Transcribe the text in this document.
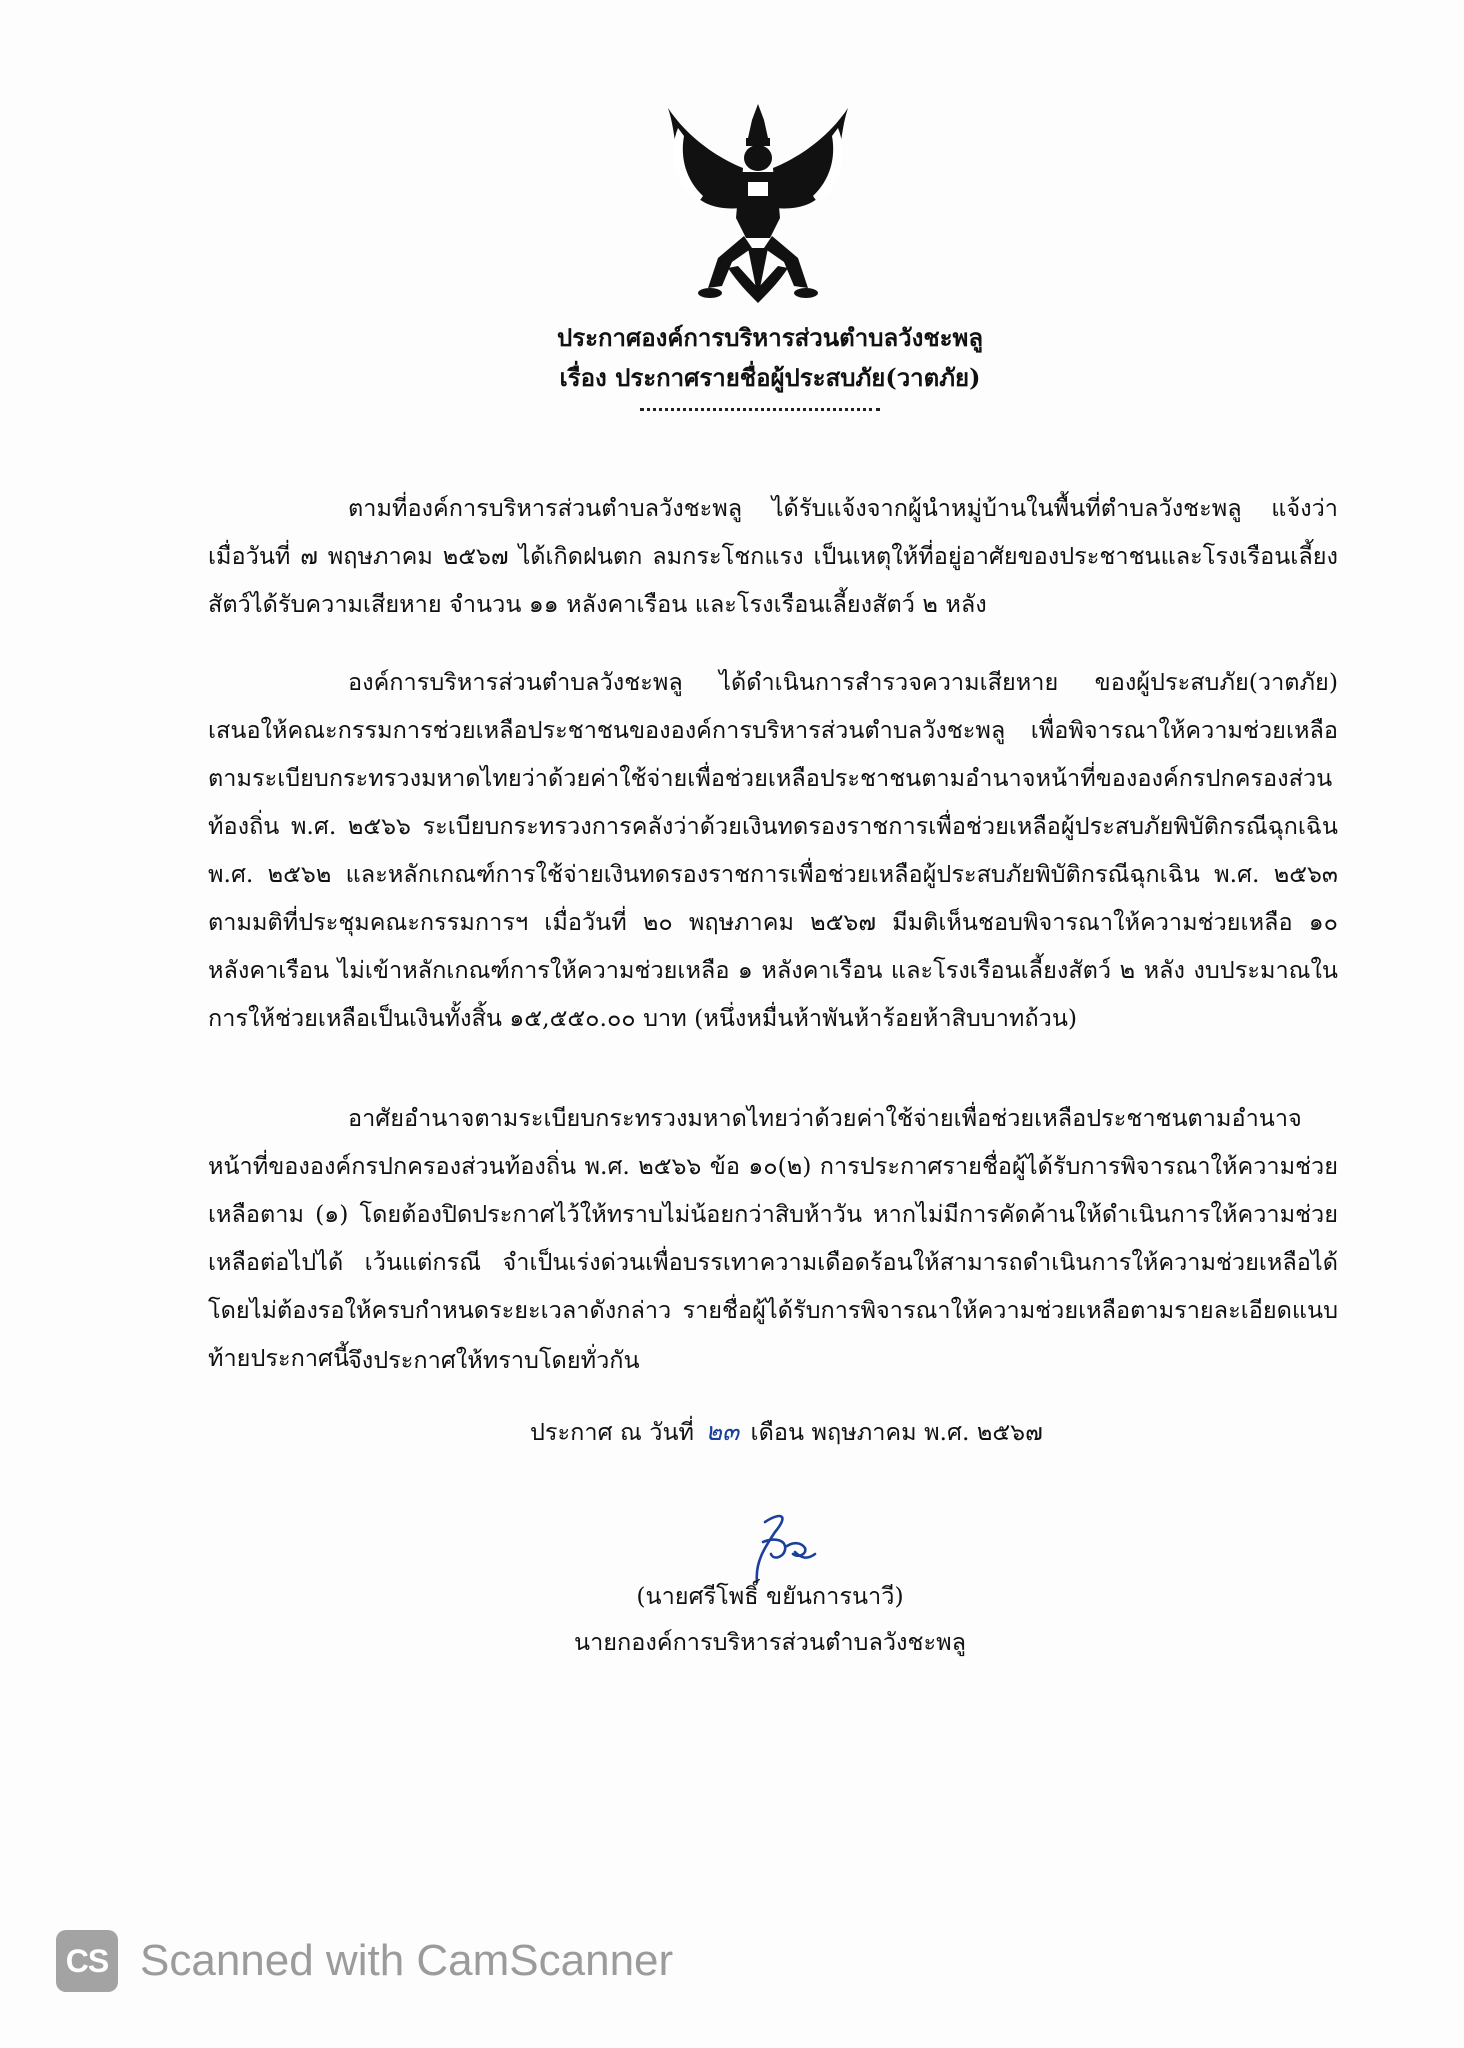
ประกาศองค์การบริหารส่วนตำบลวังชะพลู
เรื่อง ประกาศรายชื่อผู้ประสบภัย(วาตภัย)

ตามที่องค์การบริหารส่วนตำบลวังชะพลู ได้รับแจ้งจากผู้นำหมู่บ้านในพื้นที่ตำบลวังชะพลู แจ้งว่า เมื่อวันที่ ๗ พฤษภาคม ๒๕๖๗ ได้เกิดฝนตก ลมกระโชกแรง เป็นเหตุให้ที่อยู่อาศัยของประชาชนและโรงเรือนเลี้ยงสัตว์ได้รับความเสียหาย จำนวน ๑๑ หลังคาเรือน และโรงเรือนเลี้ยงสัตว์ ๒ หลัง

องค์การบริหารส่วนตำบลวังชะพลู ได้ดำเนินการสำรวจความเสียหาย ของผู้ประสบภัย(วาตภัย) เสนอให้คณะกรรมการช่วยเหลือประชาชนขององค์การบริหารส่วนตำบลวังชะพลู เพื่อพิจารณาให้ความช่วยเหลือตามระเบียบกระทรวงมหาดไทยว่าด้วยค่าใช้จ่ายเพื่อช่วยเหลือประชาชนตามอำนาจหน้าที่ขององค์กรปกครองส่วนท้องถิ่น พ.ศ. ๒๕๖๖ ระเบียบกระทรวงการคลังว่าด้วยเงินทดรองราชการเพื่อช่วยเหลือผู้ประสบภัยพิบัติกรณีฉุกเฉิน พ.ศ. ๒๕๖๒ และหลักเกณฑ์การใช้จ่ายเงินทดรองราชการเพื่อช่วยเหลือผู้ประสบภัยพิบัติกรณีฉุกเฉิน พ.ศ. ๒๕๖๓ ตามมติที่ประชุมคณะกรรมการฯ เมื่อวันที่ ๒๐ พฤษภาคม ๒๕๖๗ มีมติเห็นชอบพิจารณาให้ความช่วยเหลือ ๑๐ หลังคาเรือน ไม่เข้าหลักเกณฑ์การให้ความช่วยเหลือ ๑ หลังคาเรือน และโรงเรือนเลี้ยงสัตว์ ๒ หลัง งบประมาณในการให้ช่วยเหลือเป็นเงินทั้งสิ้น ๑๕,๕๕๐.๐๐ บาท (หนึ่งหมื่นห้าพันห้าร้อยห้าสิบบาทถ้วน)

อาศัยอำนาจตามระเบียบกระทรวงมหาดไทยว่าด้วยค่าใช้จ่ายเพื่อช่วยเหลือประชาชนตามอำนาจหน้าที่ขององค์กรปกครองส่วนท้องถิ่น พ.ศ. ๒๕๖๖ ข้อ ๑๐(๒) การประกาศรายชื่อผู้ได้รับการพิจารณาให้ความช่วยเหลือตาม (๑) โดยต้องปิดประกาศไว้ให้ทราบไม่น้อยกว่าสิบห้าวัน หากไม่มีการคัดค้านให้ดำเนินการให้ความช่วยเหลือต่อไปได้ เว้นแต่กรณี จำเป็นเร่งด่วนเพื่อบรรเทาความเดือดร้อนให้สามารถดำเนินการให้ความช่วยเหลือได้ โดยไม่ต้องรอให้ครบกำหนดระยะเวลาดังกล่าว รายชื่อผู้ได้รับการพิจารณาให้ความช่วยเหลือตามรายละเอียดแนบท้ายประกาศนี้

จึงประกาศให้ทราบโดยทั่วกัน
ประกาศ ณ วันที่ ๒๓ เดือน พฤษภาคม พ.ศ. ๒๕๖๗
(นายศรีโพธิ์ ขยันการนาวี)
นายกองค์การบริหารส่วนตำบลวังชะพลู
CS Scanned with CamScanner
